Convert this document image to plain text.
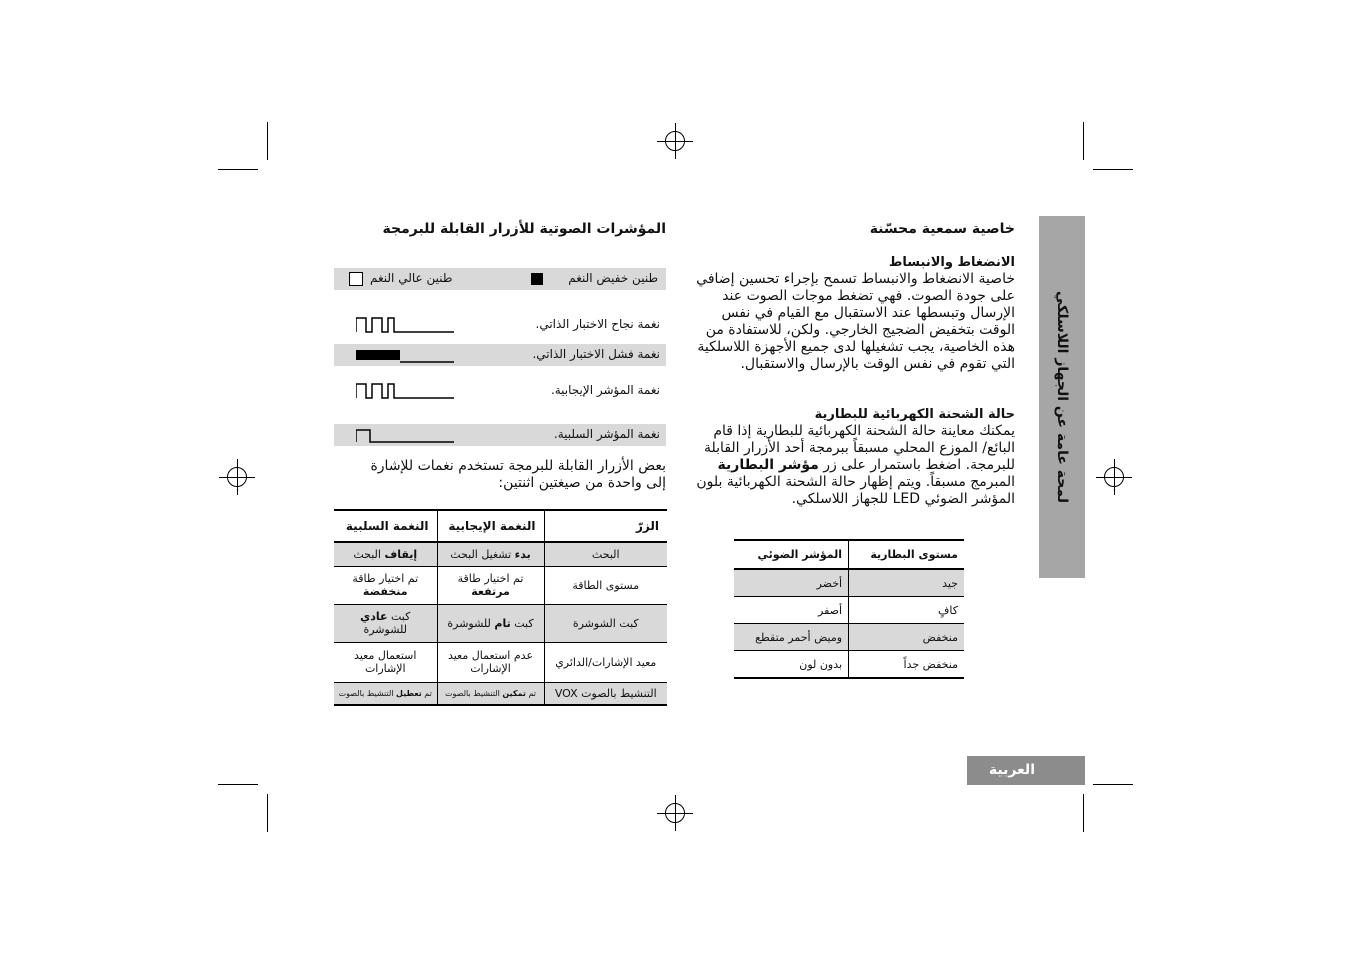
لمحة عامة عن الجهاز اللاسلكي
العربية
خاصية سمعية محسّنة
الانضغاط والانبساط
خاصية الانضغاط والانبساط تسمح بإجراء تحسين إضافي على جودة الصوت. فهي تضغط موجات الصوت عند الإرسال وتبسطها عند الاستقبال مع القيام في نفس الوقت بتخفيض الضجيج الخارجي. ولكن، للاستفادة من هذه الخاصية، يجب تشغيلها لدى جميع الأجهزة اللاسلكية التي تقوم في نفس الوقت بالإرسال والاستقبال.
حالة الشحنة الكهربائية للبطارية
يمكنك معاينة حالة الشحنة الكهربائية للبطارية إذا قام البائع/ الموزع المحلي مسبقاً ببرمجة أحد الأزرار القابلة للبرمجة. اضغط باستمرار على زر مؤشر البطارية المبرمج مسبقاً. ويتم إظهار حالة الشحنة الكهربائية بلون المؤشر الضوئي LED للجهاز اللاسلكي.
مستوى البطارية	المؤشر الضوئي
جيد	أخضر
كافٍ	أصفر
منخفض	وميض أحمر متقطع
منخفض جداً	بدون لون
المؤشرات الصوتية للأزرار القابلة للبرمجة
طنين خفيض النغم
طنين عالي النغم
نغمة نجاح الاختبار الذاتي.
نغمة فشل الاختبار الذاتي.
نغمة المؤشر الإيجابية.
نغمة المؤشر السلبية.
بعض الأزرار القابلة للبرمجة تستخدم نغمات للإشارة إلى واحدة من صيغتين اثنتين:
الزرّ	النغمة الإيجابية	النغمة السلبية
البحث	بدء تشغيل البحث	إيقاف البحث
مستوى الطاقة	تم اختيار طاقة مرتفعة	تم اختيار طاقة منخفضة
كبت الشوشرة	كبت تام للشوشرة	كبت عادي للشوشرة
معيد الإشارات/الدائري	عدم استعمال معيد الإشارات	استعمال معيد الإشارات
التنشيط بالصوت VOX	تم تمكين التنشيط بالصوت	تم تعطيل التنشيط بالصوت
